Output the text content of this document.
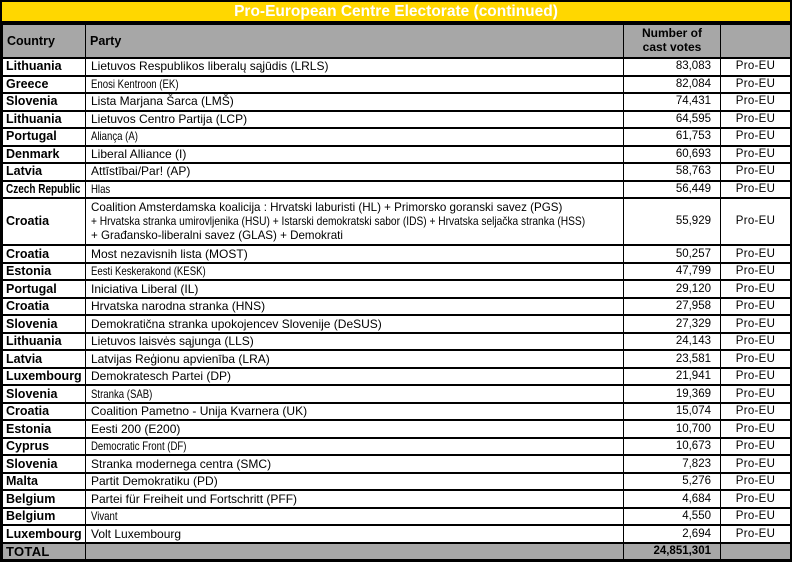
Pro-European Centre Electorate (continued)
Country	Party	Number of
cast votes	
Lithuania	Lietuvos Respublikos liberalų sąjūdis (LRLS)	83,083	Pro-EU
Greece	Enosi Kentroon (EK)	82,084	Pro-EU
Slovenia	Lista Marjana Šarca (LMŠ)	74,431	Pro-EU
Lithuania	Lietuvos Centro Partija (LCP)	64,595	Pro-EU
Portugal	Aliança (A)	61,753	Pro-EU
Denmark	Liberal Alliance (I)	60,693	Pro-EU
Latvia	Attīstībai/Par! (AP)	58,763	Pro-EU
Czech Republic	Hlas	56,449	Pro-EU
Croatia	Coalition Amsterdamska koalicija : Hrvatski laburisti (HL) + Primorsko goranski savez (PGS)
+ Hrvatska stranka umirovljenika (HSU) + Istarski demokratski sabor (IDS) + Hrvatska seljačka stranka (HSS)
+ Građansko-liberalni savez (GLAS) + Demokrati	55,929	Pro-EU
Croatia	Most nezavisnih lista (MOST)	50,257	Pro-EU
Estonia	Eesti Keskerakond (KESK)	47,799	Pro-EU
Portugal	Iniciativa Liberal (IL)	29,120	Pro-EU
Croatia	Hrvatska narodna stranka (HNS)	27,958	Pro-EU
Slovenia	Demokratična stranka upokojencev Slovenije (DeSUS)	27,329	Pro-EU
Lithuania	Lietuvos laisvės sąjunga (LLS)	24,143	Pro-EU
Latvia	Latvijas Reģionu apvienība (LRA)	23,581	Pro-EU
Luxembourg	Demokratesch Partei (DP)	21,941	Pro-EU
Slovenia	Stranka (SAB)	19,369	Pro-EU
Croatia	Coalition Pametno - Unija Kvarnera (UK)	15,074	Pro-EU
Estonia	Eesti 200 (E200)	10,700	Pro-EU
Cyprus	Democratic Front (DF)	10,673	Pro-EU
Slovenia	Stranka modernega centra (SMC)	7,823	Pro-EU
Malta	Partit Demokratiku (PD)	5,276	Pro-EU
Belgium	Partei für Freiheit und Fortschritt (PFF)	4,684	Pro-EU
Belgium	Vivant	4,550	Pro-EU
Luxembourg	Volt Luxembourg	2,694	Pro-EU
TOTAL		24,851,301	
